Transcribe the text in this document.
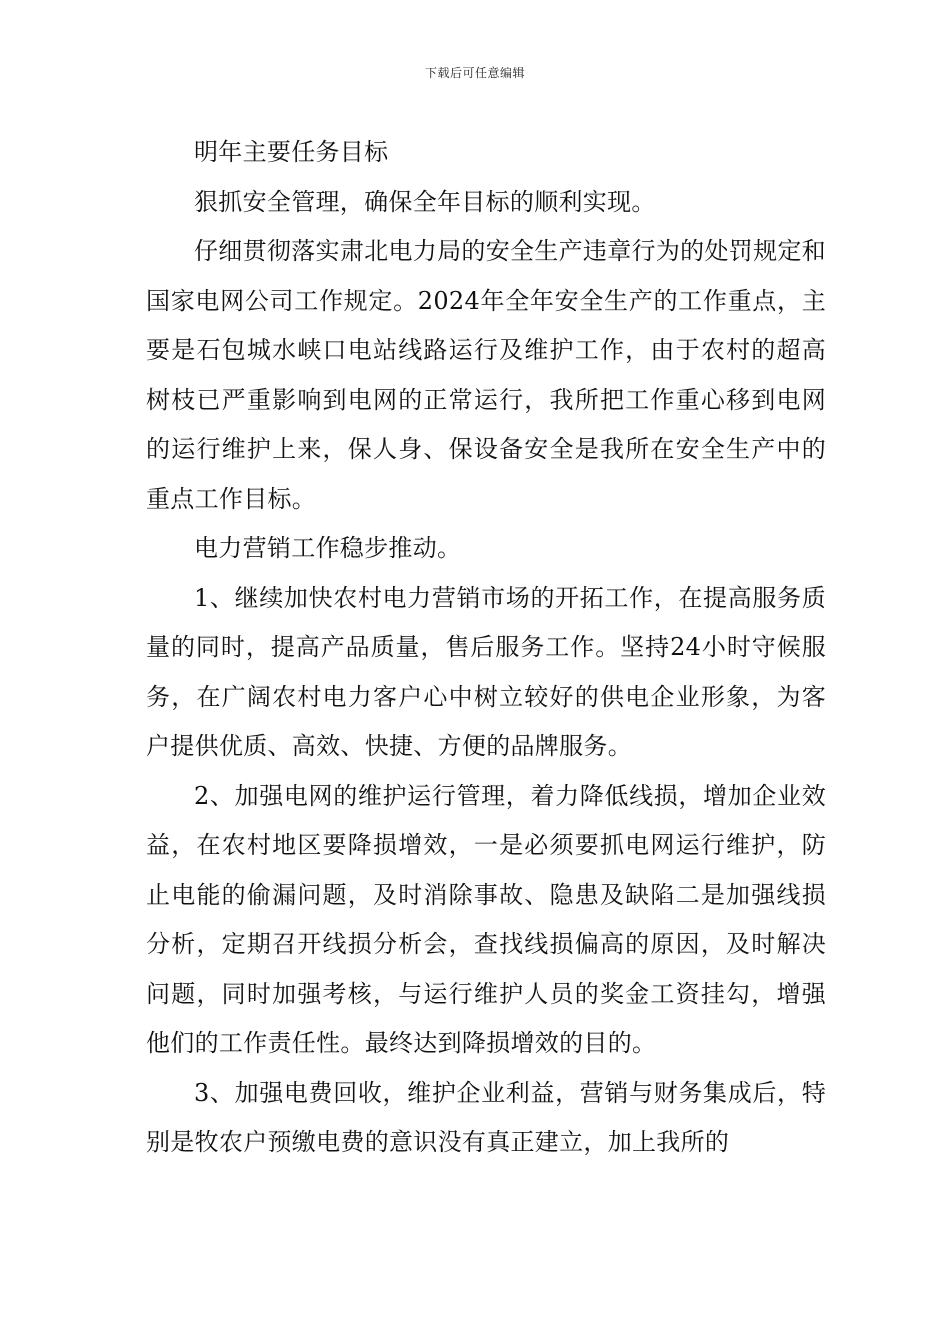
下载后可任意编辑

明年主要任务目标

狠抓安全管理，确保全年目标的顺利实现。

仔细贯彻落实肃北电力局的安全生产违章行为的处罚规定和国家电网公司工作规定。2024年全年安全生产的工作重点，主要是石包城水峡口电站线路运行及维护工作，由于农村的超高树枝已严重影响到电网的正常运行，我所把工作重心移到电网的运行维护上来，保人身、保设备安全是我所在安全生产中的重点工作目标。

电力营销工作稳步推动。

1、继续加快农村电力营销市场的开拓工作，在提高服务质量的同时，提高产品质量，售后服务工作。坚持24小时守候服务，在广阔农村电力客户心中树立较好的供电企业形象，为客户提供优质、高效、快捷、方便的品牌服务。

2、加强电网的维护运行管理，着力降低线损，增加企业效益，在农村地区要降损增效，一是必须要抓电网运行维护，防止电能的偷漏问题，及时消除事故、隐患及缺陷二是加强线损分析，定期召开线损分析会，查找线损偏高的原因，及时解决问题，同时加强考核，与运行维护人员的奖金工资挂勾，增强他们的工作责任性。最终达到降损增效的目的。

3、加强电费回收，维护企业利益，营销与财务集成后，特别是牧农户预缴电费的意识没有真正建立，加上我所的
